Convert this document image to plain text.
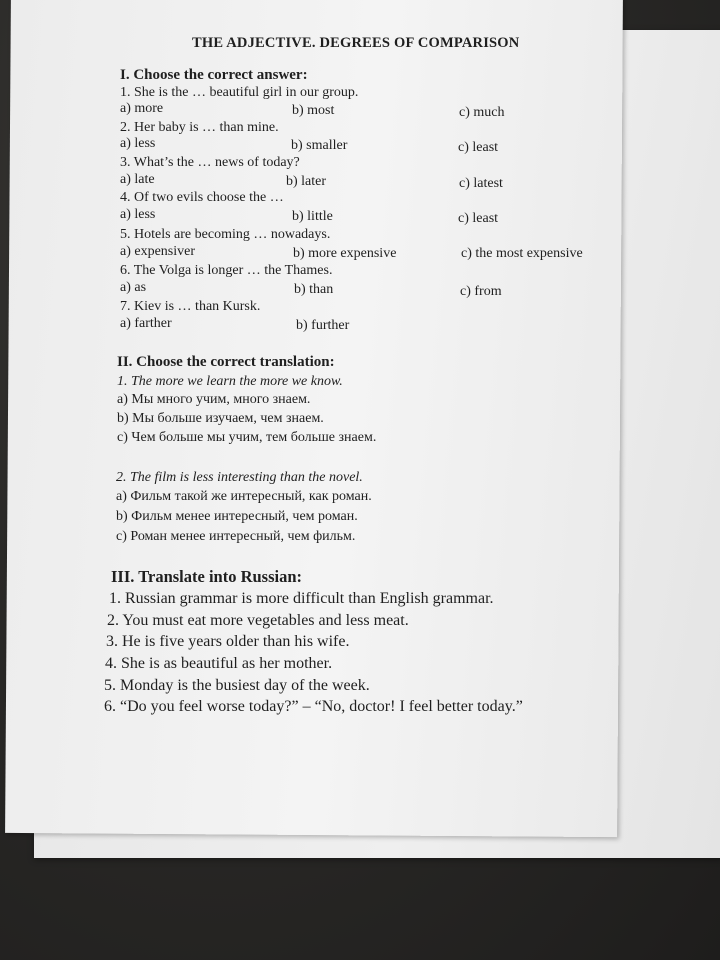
THE ADJECTIVE. DEGREES OF COMPARISON
I. Choose the correct answer:
1. She is the … beautiful girl in our group.
a) more	b) most	c) much
2. Her baby is … than mine.
a) less	b) smaller	c) least
3. What’s the … news of today?
a) late	b) later	c) latest
4. Of two evils choose the …
a) less	b) little	c) least
5. Hotels are becoming … nowadays.
a) expensiver	b) more expensive	c) the most expensive
6. The Volga is longer … the Thames.
a) as	b) than	c) from
7. Kiev is … than Kursk.
a) farther	b) further
II. Choose the correct translation:
1. The more we learn the more we know.
a) Мы много учим, много знаем.
b) Мы больше изучаем, чем знаем.
c) Чем больше мы учим, тем больше знаем.
2. The film is less interesting than the novel.
a) Фильм такой же интересный, как роман.
b) Фильм менее интересный, чем роман.
c) Роман менее интересный, чем фильм.
III. Translate into Russian:
1. Russian grammar is more difficult than English grammar.
2. You must eat more vegetables and less meat.
3. He is five years older than his wife.
4. She is as beautiful as her mother.
5. Monday is the busiest day of the week.
6. “Do you feel worse today?” – “No, doctor! I feel better today.”
